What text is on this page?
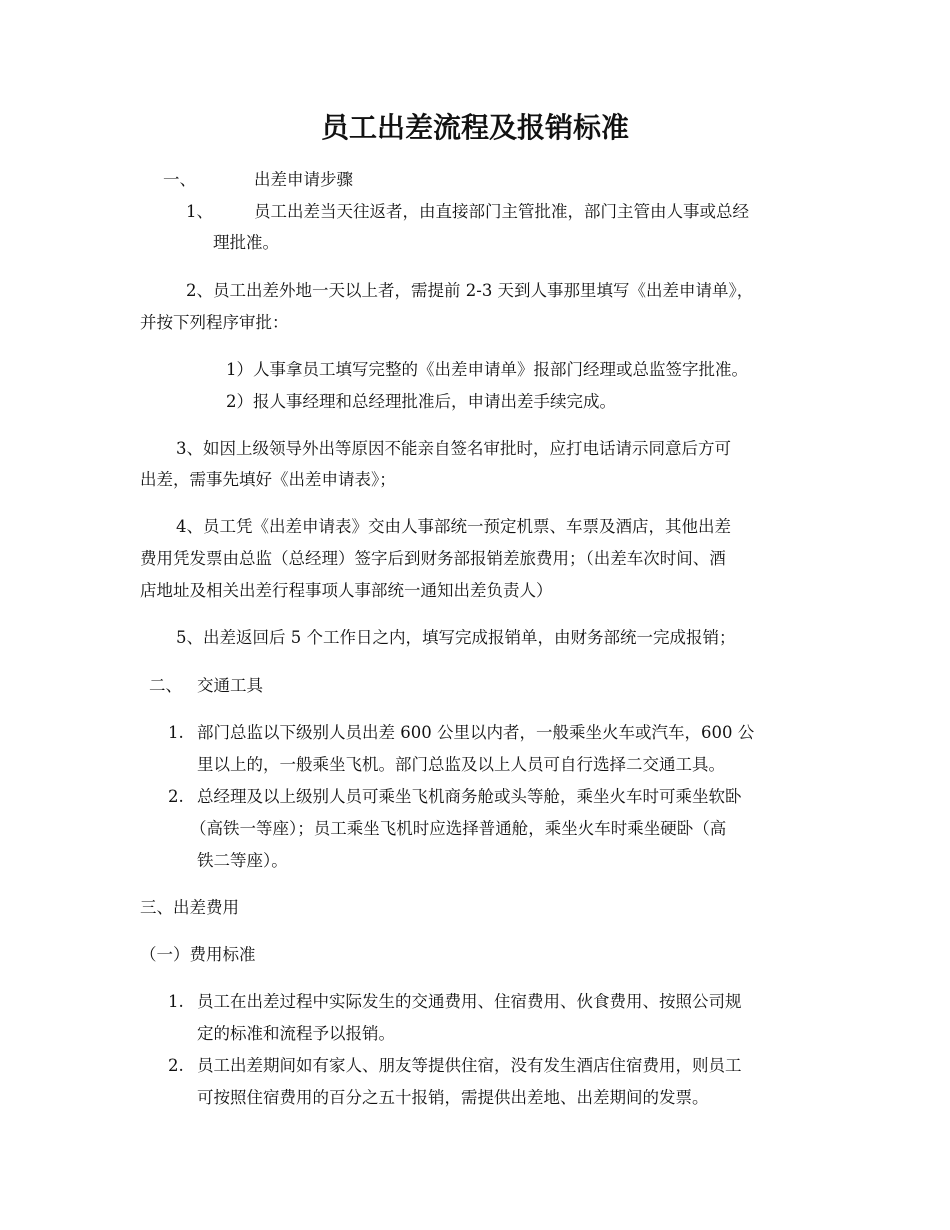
员工出差流程及报销标准
一、	出差申请步骤
1、 员工出差当天往返者，由直接部门主管批准，部门主管由人事或总经
理批准。
2、员工出差外地一天以上者，需提前 2-3 天到人事那里填写《出差申请单》，
并按下列程序审批：
1）人事拿员工填写完整的《出差申请单》报部门经理或总监签字批准。
2）报人事经理和总经理批准后，申请出差手续完成。
3、如因上级领导外出等原因不能亲自签名审批时，应打电话请示同意后方可
出差，需事先填好《出差申请表》；
4、员工凭《出差申请表》交由人事部统一预定机票、车票及酒店，其他出差
费用凭发票由总监（总经理）签字后到财务部报销差旅费用；（出差车次时间、酒
店地址及相关出差行程事项人事部统一通知出差负责人）
5、出差返回后 5 个工作日之内，填写完成报销单，由财务部统一完成报销；
二、 交通工具
1. 部门总监以下级别人员出差 600 公里以内者，一般乘坐火车或汽车，600 公
里以上的，一般乘坐飞机。部门总监及以上人员可自行选择二交通工具。
2. 总经理及以上级别人员可乘坐飞机商务舱或头等舱，乘坐火车时可乘坐软卧
（高铁一等座）；员工乘坐飞机时应选择普通舱，乘坐火车时乘坐硬卧（高
铁二等座）。
三、出差费用
（一）费用标准
1. 员工在出差过程中实际发生的交通费用、住宿费用、伙食费用、按照公司规
定的标准和流程予以报销。
2. 员工出差期间如有家人、朋友等提供住宿，没有发生酒店住宿费用，则员工
可按照住宿费用的百分之五十报销，需提供出差地、出差期间的发票。
